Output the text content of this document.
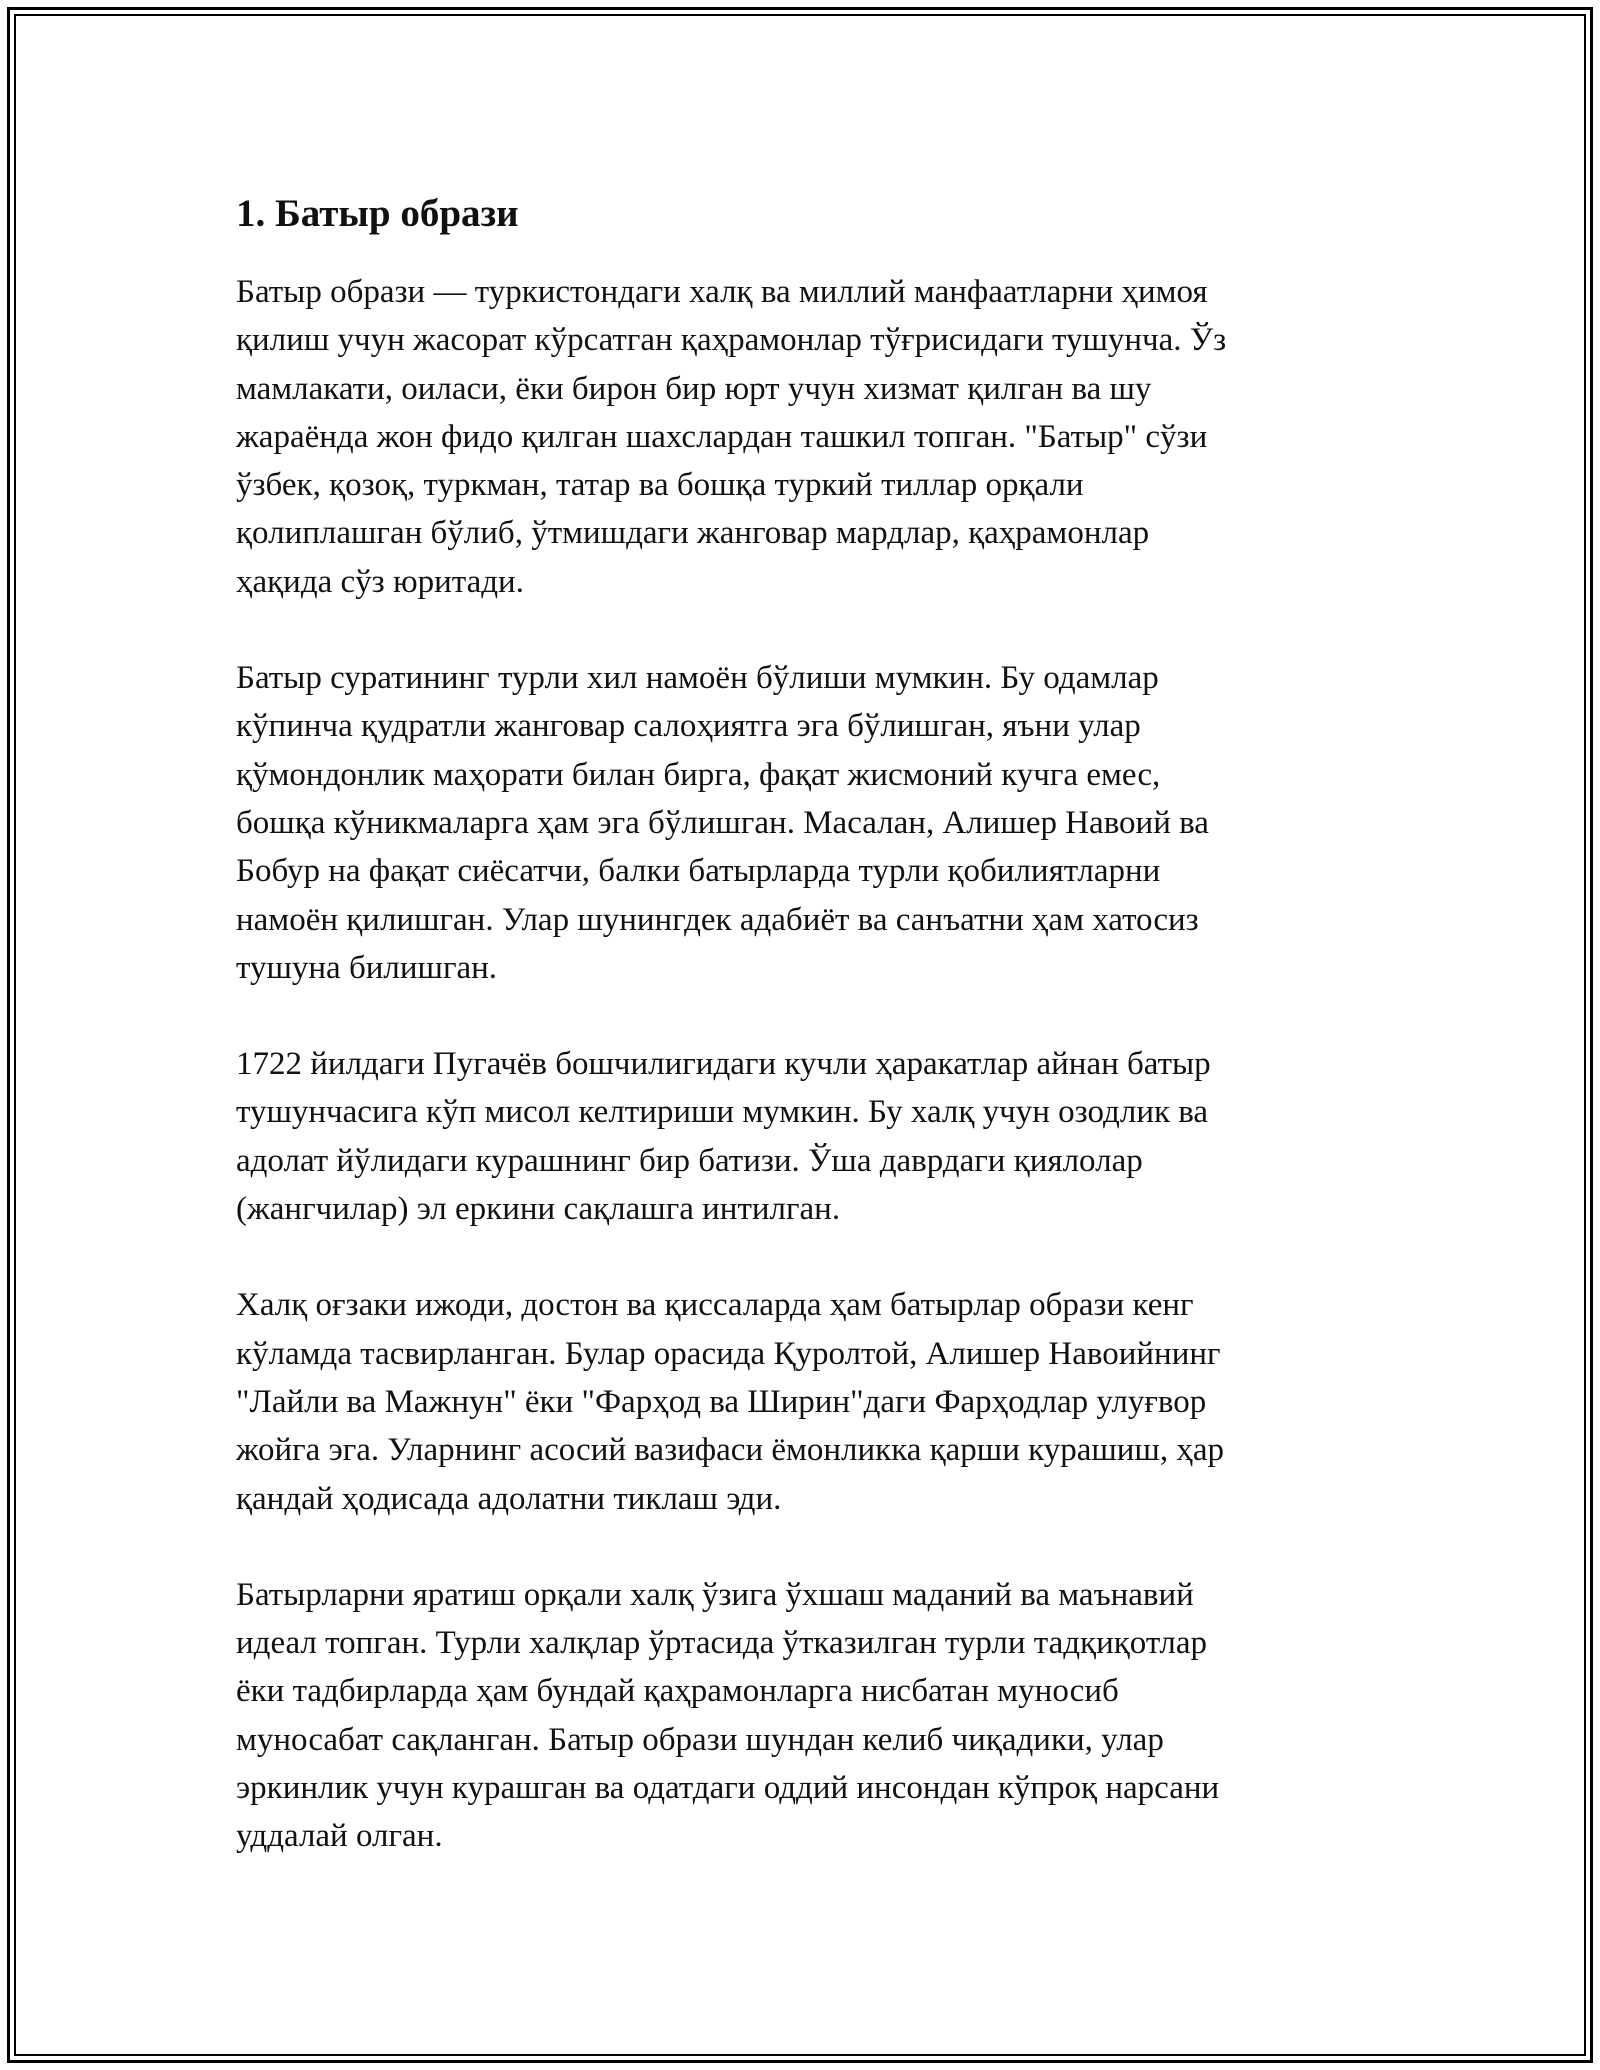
1. Батыр образи

Батыр образи — туркистондаги халқ ва миллий манфаатларни ҳимоя
қилиш учун жасорат кўрсатган қаҳрамонлар тўғрисидаги тушунча. Ўз
мамлакати, оиласи, ёки бирон бир юрт учун хизмат қилган ва шу
жараёнда жон фидо қилган шахслардан ташкил топган. "Батыр" сўзи
ўзбек, қозоқ, туркман, татар ва бошқа туркий тиллар орқали
қолиплашган бўлиб, ўтмишдаги жанговар мардлар, қаҳрамонлар
ҳақида сўз юритади.

Батыр суратининг турли хил намоён бўлиши мумкин. Бу одамлар
кўпинча қудратли жанговар салоҳиятга эга бўлишган, яъни улар
қўмондонлик маҳорати билан бирга, фақат жисмоний кучга емес,
бошқа кўникмаларга ҳам эга бўлишган. Масалан, Алишер Навоий ва
Бобур на фақат сиёсатчи, балки батырларда турли қобилиятларни
намоён қилишган. Улар шунингдек адабиёт ва санъатни ҳам хатосиз
тушуна билишган.

1722 йилдаги Пугачёв бошчилигидаги кучли ҳаракатлар айнан батыр
тушунчасига кўп мисол келтириши мумкин. Бу халқ учун озодлик ва
адолат йўлидаги курашнинг бир батизи. Ўша даврдаги қиялолар
(жангчилар) эл еркини сақлашга интилган.

Халқ оғзаки ижоди, достон ва қиссаларда ҳам батырлар образи кенг
кўламда тасвирланган. Булар орасида Қуролтой, Алишер Навоийнинг
"Лайли ва Мажнун" ёки "Фарҳод ва Ширин"даги Фарҳодлар улуғвор
жойга эга. Уларнинг асосий вазифаси ёмонликка қарши курашиш, ҳар
қандай ҳодисада адолатни тиклаш эди.

Батырларни яратиш орқали халқ ўзига ўхшаш маданий ва маънавий
идеал топган. Турли халқлар ўртасида ўтказилган турли тадқиқотлар
ёки тадбирларда ҳам бундай қаҳрамонларга нисбатан муносиб
муносабат сақланган. Батыр образи шундан келиб чиқадики, улар
эркинлик учун курашган ва одатдаги оддий инсондан кўпроқ нарсани
уддалай олган.
